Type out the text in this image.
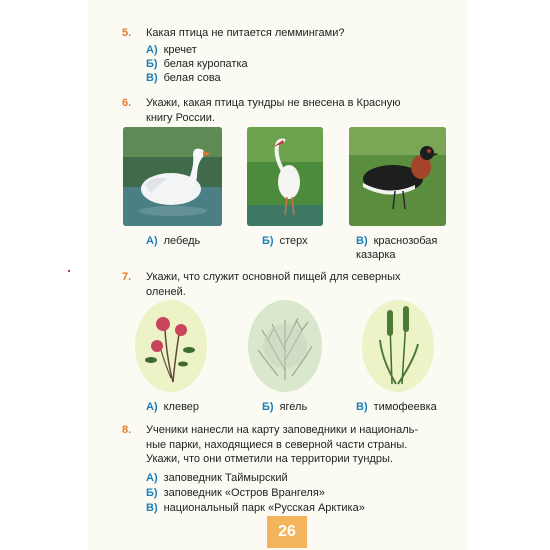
5. Какая птица не питается леммингами?
А) кречет
Б) белая куропатка
В) белая сова
6. Укажи, какая птица тундры не внесена в Красную
книгу России.
А) лебедь	Б) стерх	В) краснозобая
казарка
7. Укажи, что служит основной пищей для северных
оленей.
А) клевер	Б) ягель	В) тимофеевка
8. Ученики нанесли на карту заповедники и националь-
ные парки, находящиеся в северной части страны.
Укажи, что они отметили на территории тундры.
А) заповедник Таймырский
Б) заповедник «Остров Врангеля»
В) национальный парк «Русская Арктика»
26
